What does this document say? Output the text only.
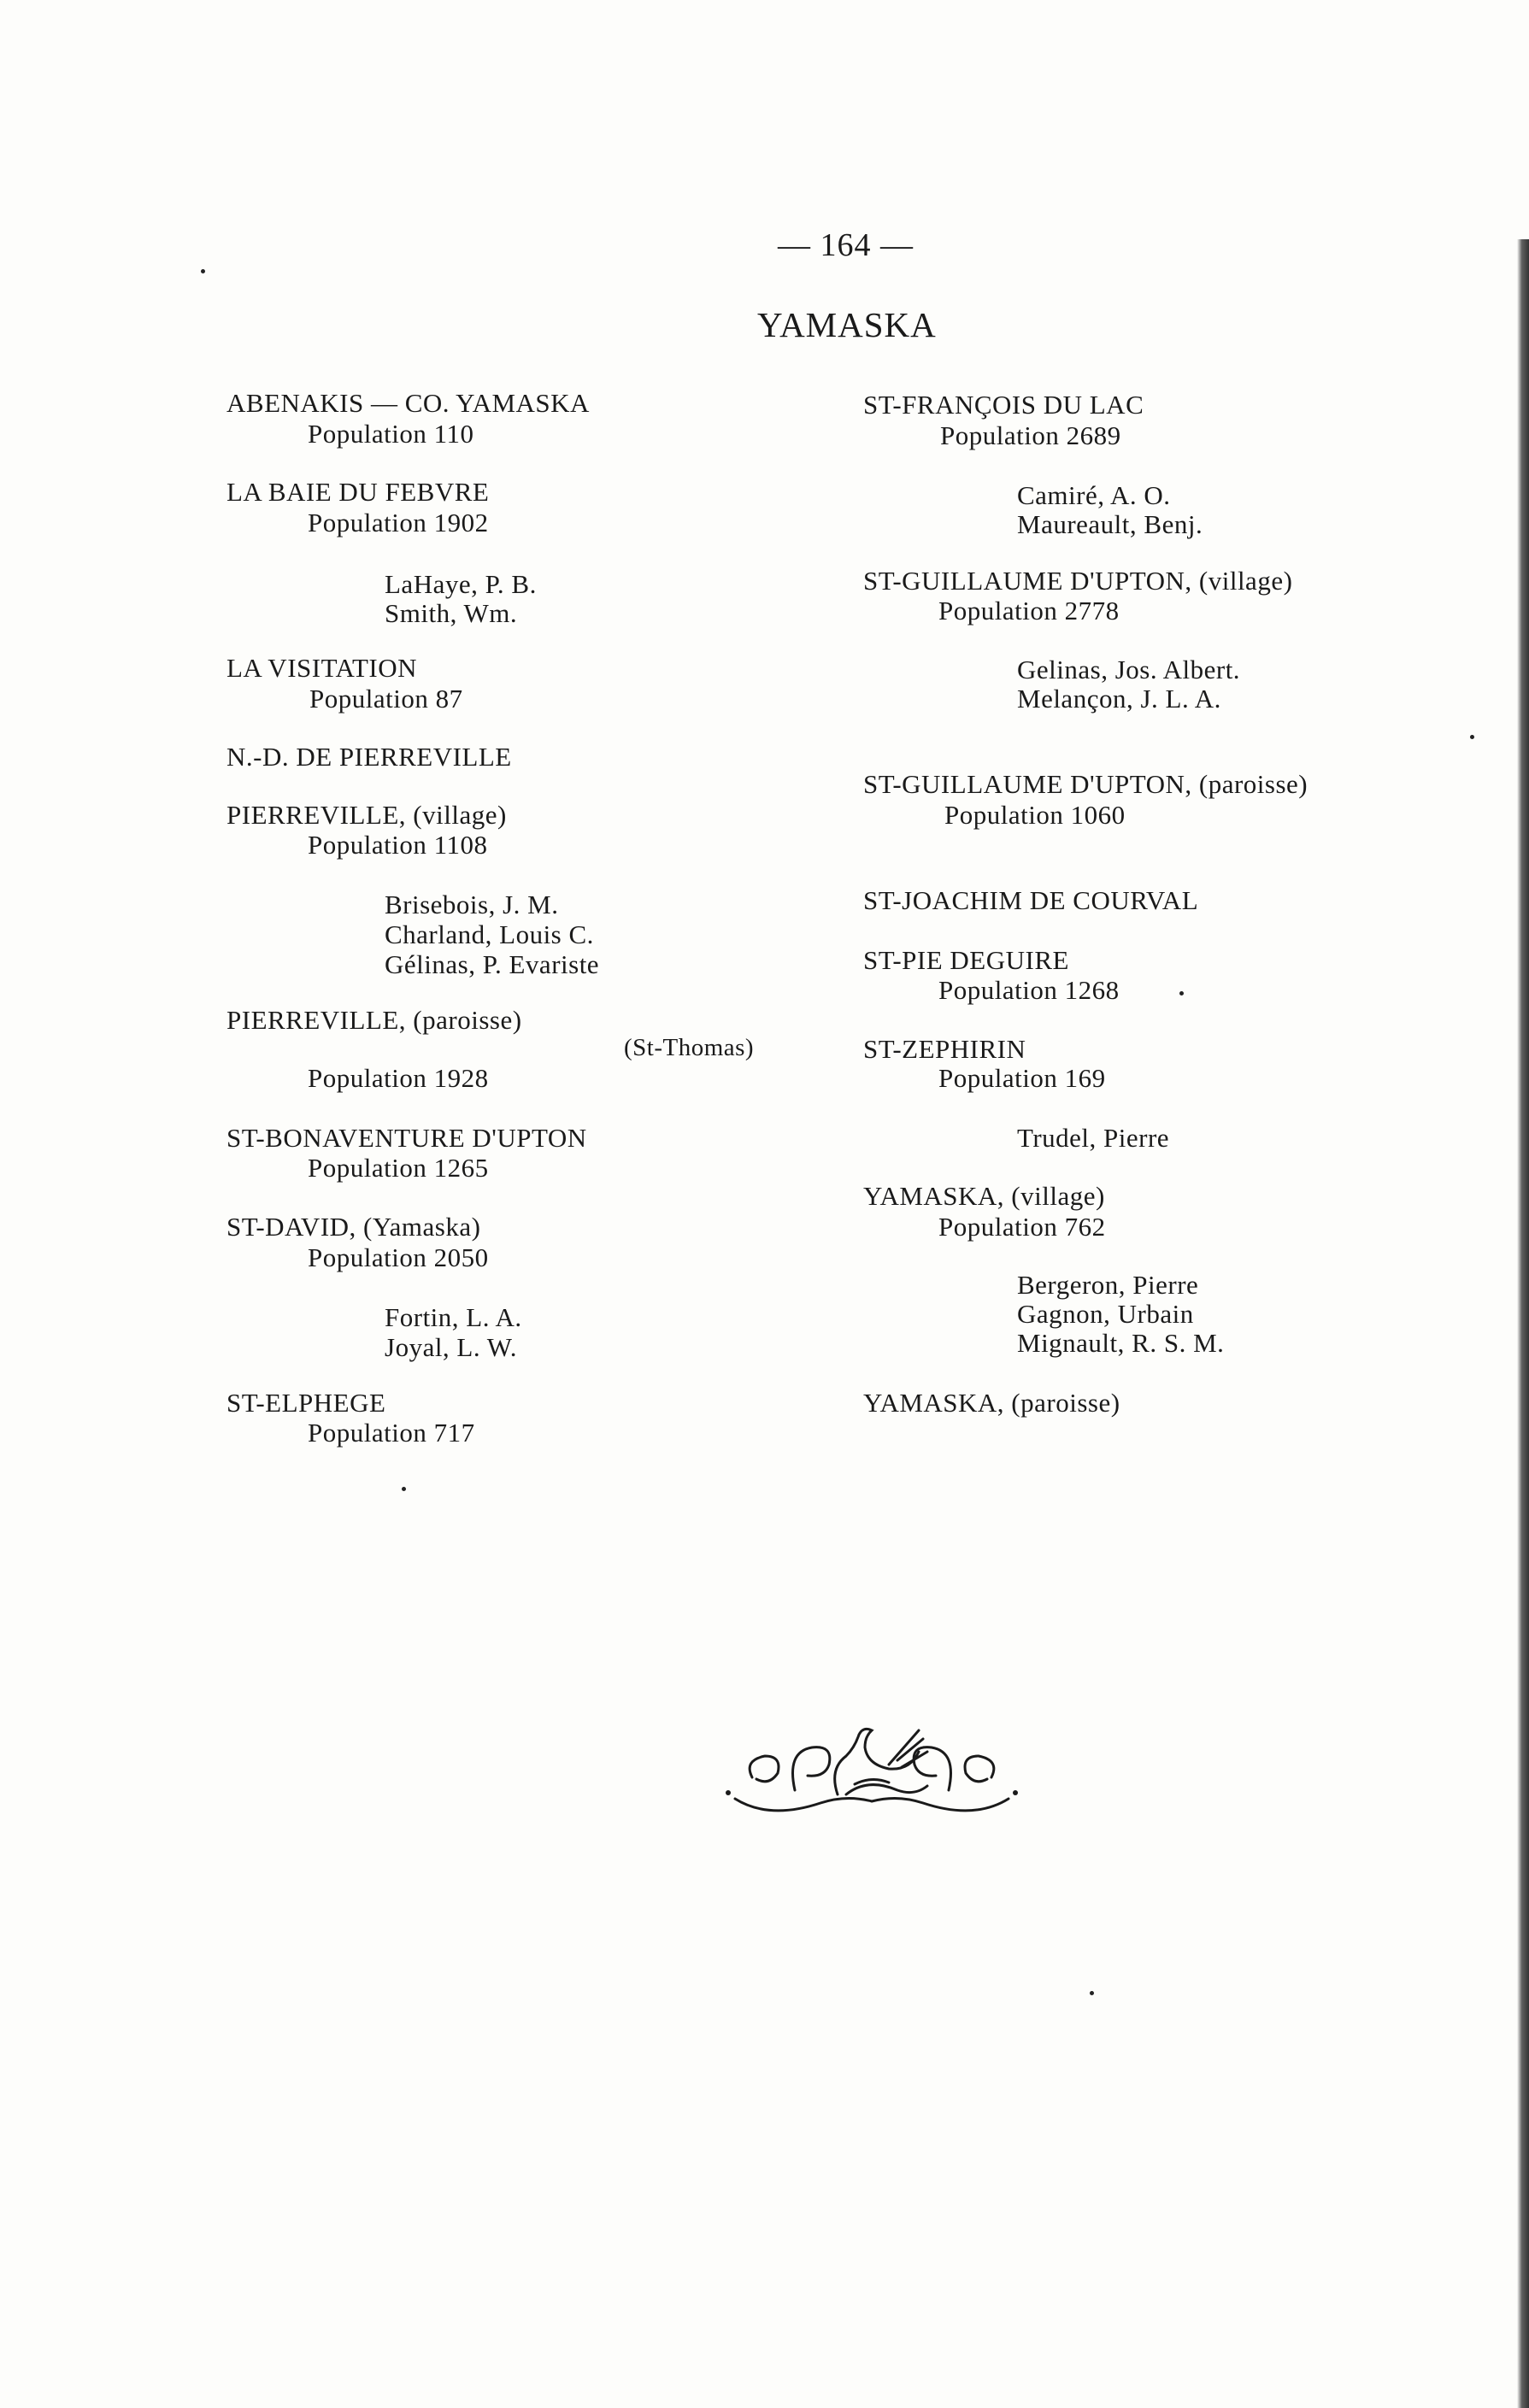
— 164 —
YAMASKA
ABENAKIS — CO. YAMASKA
Population 110
LA BAIE DU FEBVRE
Population 1902
LaHaye, P. B.
Smith, Wm.
LA VISITATION
Population 87
N.-D. DE PIERREVILLE
PIERREVILLE, (village)
Population 1108
Brisebois, J. M.
Charland, Louis C.
Gélinas, P. Evariste
PIERREVILLE, (paroisse)
(St-Thomas)
Population 1928
ST-BONAVENTURE D'UPTON
Population 1265
ST-DAVID, (Yamaska)
Population 2050
Fortin, L. A.
Joyal, L. W.
ST-ELPHEGE
Population 717
ST-FRANÇOIS DU LAC
Population 2689
Camiré, A. O.
Maureault, Benj.
ST-GUILLAUME D'UPTON, (village)
Population 2778
Gelinas, Jos. Albert.
Melançon, J. L. A.
ST-GUILLAUME D'UPTON, (paroisse)
Population 1060
ST-JOACHIM DE COURVAL
ST-PIE DEGUIRE
Population 1268
ST-ZEPHIRIN
Population 169
Trudel, Pierre
YAMASKA, (village)
Population 762
Bergeron, Pierre
Gagnon, Urbain
Mignault, R. S. M.
YAMASKA, (paroisse)
